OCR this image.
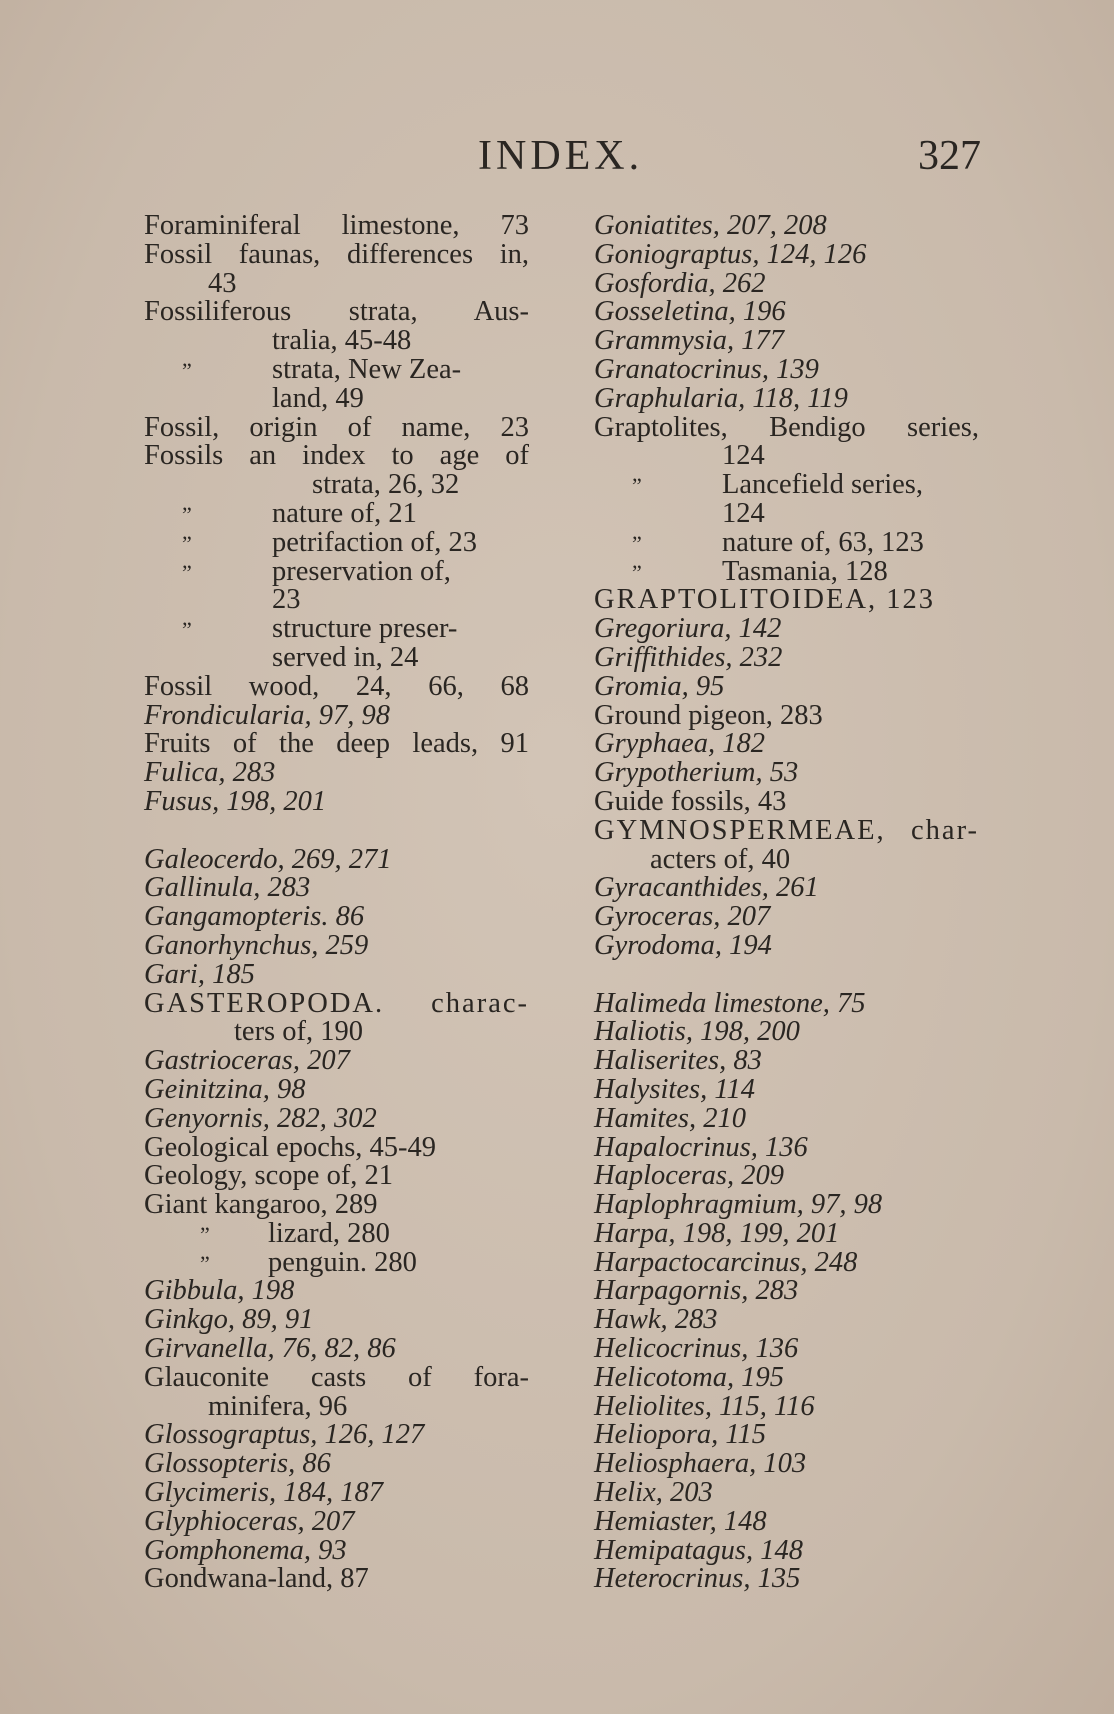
INDEX.	327
Foraminiferal limestone, 73
Fossil faunas, differences in,
43
Fossiliferous strata, Aus-
tralia, 45-48
”	strata, New Zea-
land, 49
Fossil, origin of name, 23
Fossils an index to age of
strata, 26, 32
”	nature of, 21
”	petrifaction of, 23
”	preservation of,
23
”	structure preser-
served in, 24
Fossil wood, 24, 66, 68
Frondicularia, 97, 98
Fruits of the deep leads, 91
Fulica, 283
Fusus, 198, 201
Galeocerdo, 269, 271
Gallinula, 283
Gangamopteris. 86
Ganorhynchus, 259
Gari, 185
GASTEROPODA. charac-
ters of, 190
Gastrioceras, 207
Geinitzina, 98
Genyornis, 282, 302
Geological epochs, 45-49
Geology, scope of, 21
Giant kangaroo, 289
” lizard, 280
” penguin. 280
Gibbula, 198
Ginkgo, 89, 91
Girvanella, 76, 82, 86
Glauconite casts of fora-
minifera, 96
Glossograptus, 126, 127
Glossopteris, 86
Glycimeris, 184, 187
Glyphioceras, 207
Gomphonema, 93
Gondwana-land, 87
Goniatites, 207, 208
Goniograptus, 124, 126
Gosfordia, 262
Gosseletina, 196
Grammysia, 177
Granatocrinus, 139
Graphularia, 118, 119
Graptolites, Bendigo series,
124
”	Lancefield series,
124
”	nature of, 63, 123
”	Tasmania, 128
GRAPTOLITOIDEA, 123
Gregoriura, 142
Griffithides, 232
Gromia, 95
Ground pigeon, 283
Gryphaea, 182
Grypotherium, 53
Guide fossils, 43
GYMNOSPERMEAE, char-
acters of, 40
Gyracanthides, 261
Gyroceras, 207
Gyrodoma, 194
Halimeda limestone, 75
Haliotis, 198, 200
Haliserites, 83
Halysites, 114
Hamites, 210
Hapalocrinus, 136
Haploceras, 209
Haplophragmium, 97, 98
Harpa, 198, 199, 201
Harpactocarcinus, 248
Harpagornis, 283
Hawk, 283
Helicocrinus, 136
Helicotoma, 195
Heliolites, 115, 116
Heliopora, 115
Heliosphaera, 103
Helix, 203
Hemiaster, 148
Hemipatagus, 148
Heterocrinus, 135
